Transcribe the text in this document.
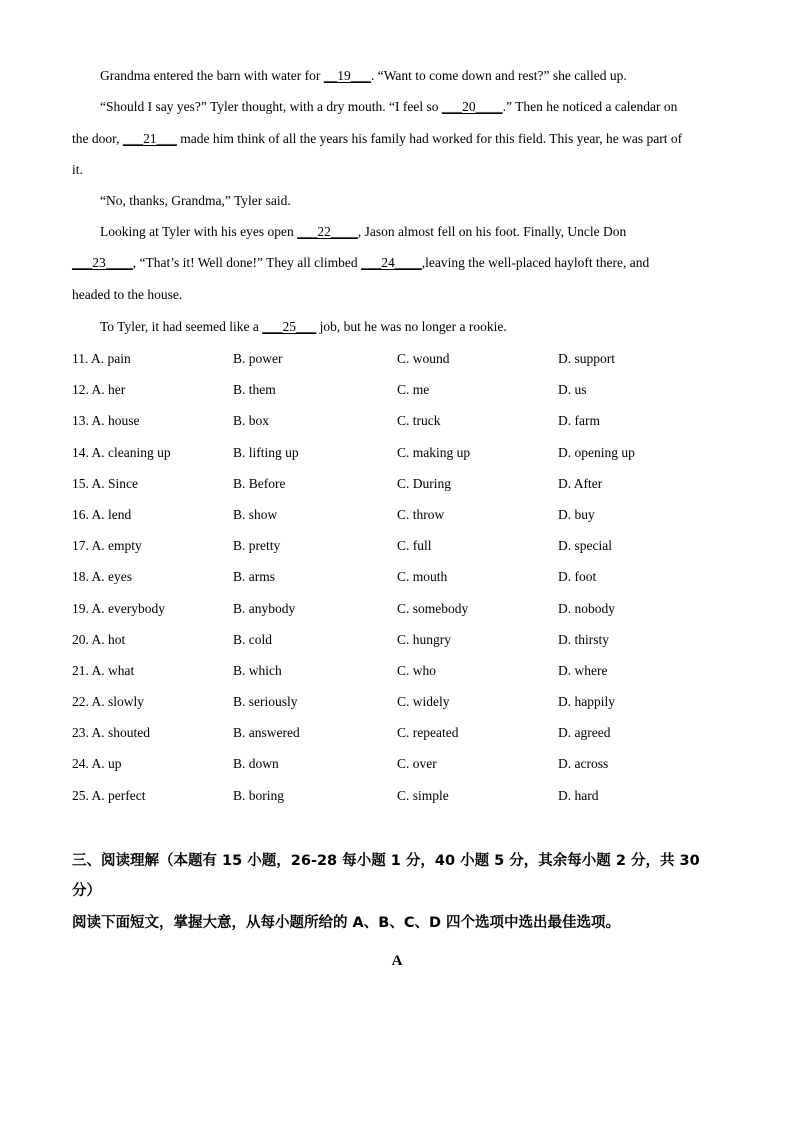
Grandma entered the barn with water for __19___. “Want to come down and rest?” she called up.

“Should I say yes?” Tyler thought, with a dry mouth. “I feel so ___20____.” Then he noticed a calendar on

the door, ___21___ made him think of all the years his family had worked for this field. This year, he was part of

it.

“No, thanks, Grandma,” Tyler said.

Looking at Tyler with his eyes open ___22____, Jason almost fell on his foot. Finally, Uncle Don

___23____, “That’s it! Well done!” They all climbed ___24____,leaving the well-placed hayloft there, and

headed to the house.

To Tyler, it had seemed like a ___25___ job, but he was no longer a rookie.

11. A. pain	B. power	C. wound	D. support
12. A. her	B. them	C. me	D. us
13. A. house	B. box	C. truck	D. farm
14. A. cleaning up	B. lifting up	C. making up	D. opening up
15. A. Since	B. Before	C. During	D. After
16. A. lend	B. show	C. throw	D. buy
17. A. empty	B. pretty	C. full	D. special
18. A. eyes	B. arms	C. mouth	D. foot
19. A. everybody	B. anybody	C. somebody	D. nobody
20. A. hot	B. cold	C. hungry	D. thirsty
21. A. what	B. which	C. who	D. where
22. A. slowly	B. seriously	C. widely	D. happily
23. A. shouted	B. answered	C. repeated	D. agreed
24. A. up	B. down	C. over	D. across
25. A. perfect	B. boring	C. simple	D. hard

三、阅读理解（本题有 15 小题，26-28 每小题 1 分，40 小题 5 分，其余每小题 2 分，共 30 分）

阅读下面短文，掌握大意，从每小题所给的 A、B、C、D 四个选项中选出最佳选项。

A
